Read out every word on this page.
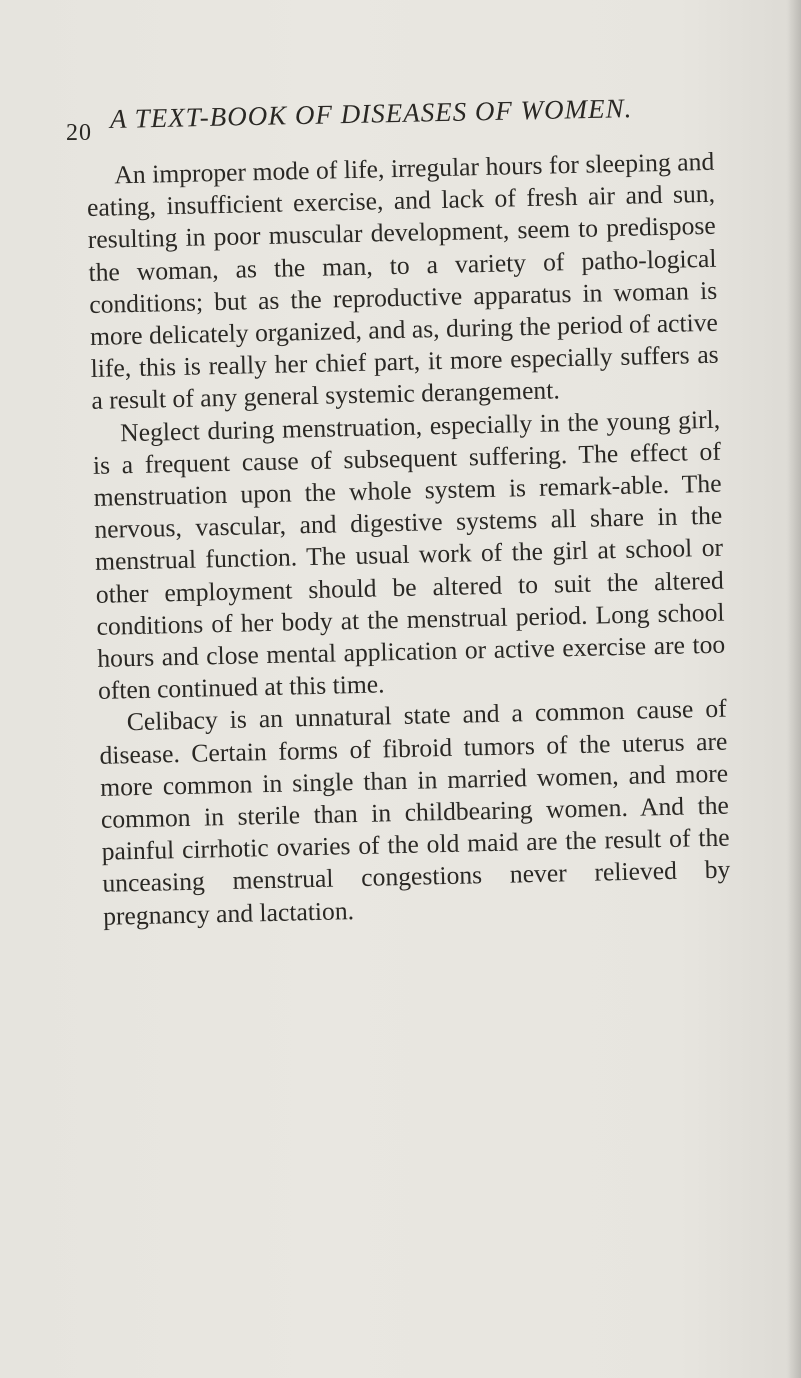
20 A TEXT-BOOK OF DISEASES OF WOMEN.

An improper mode of life, irregular hours for sleeping and eating, insufficient exercise, and lack of fresh air and sun, resulting in poor muscular development, seem to predispose the woman, as the man, to a variety of patho-logical conditions; but as the reproductive apparatus in woman is more delicately organized, and as, during the period of active life, this is really her chief part, it more especially suffers as a result of any general systemic derangement.

Neglect during menstruation, especially in the young girl, is a frequent cause of subsequent suffering. The effect of menstruation upon the whole system is remark-able. The nervous, vascular, and digestive systems all share in the menstrual function. The usual work of the girl at school or other employment should be altered to suit the altered conditions of her body at the menstrual period. Long school hours and close mental application or active exercise are too often continued at this time.

Celibacy is an unnatural state and a common cause of disease. Certain forms of fibroid tumors of the uterus are more common in single than in married women, and more common in sterile than in childbearing women. And the painful cirrhotic ovaries of the old maid are the result of the unceasing menstrual congestions never relieved by pregnancy and lactation.
